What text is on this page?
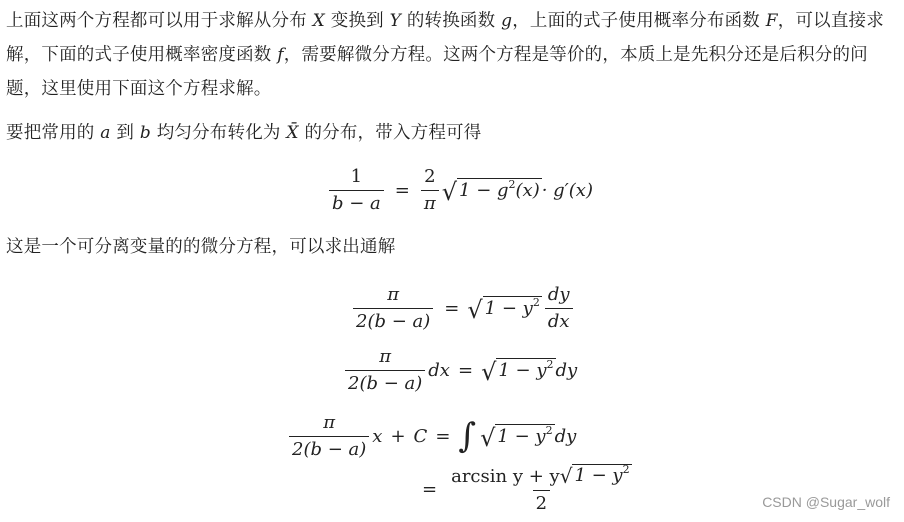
上面这两个方程都可以用于求解从分布 X 变换到 Y 的转换函数 g，上面的式子使用概率分布函数 F，可以直接求解，下面的式子使用概率密度函数 f，需要解微分方程。这两个方程是等价的，本质上是先积分还是后积分的问题，这里使用下面这个方程求解。
要把常用的 a 到 b 均匀分布转化为 X̄ 的分布，带入方程可得
$\frac{1}{b - a} = \frac{2}{\pi}$ √ $1 - g^2(x) \cdot g'(x)$
这是一个可分离变量的的微分方程，可以求出通解
$\frac{\pi}{2(b - a)}$ = √ $1 - y^2 \frac{dy}{dx}$
$\frac{\pi}{2(b - a)}$ dx = √ $1 - y^2$ dy
$\frac{\pi}{2(b - a)}$ x + C = ∫ √ $1 - y^2$ dy
= $\frac{\arcsin y + y √ 1 - y^2}{2}$	CSDN @Sugar_wolf
